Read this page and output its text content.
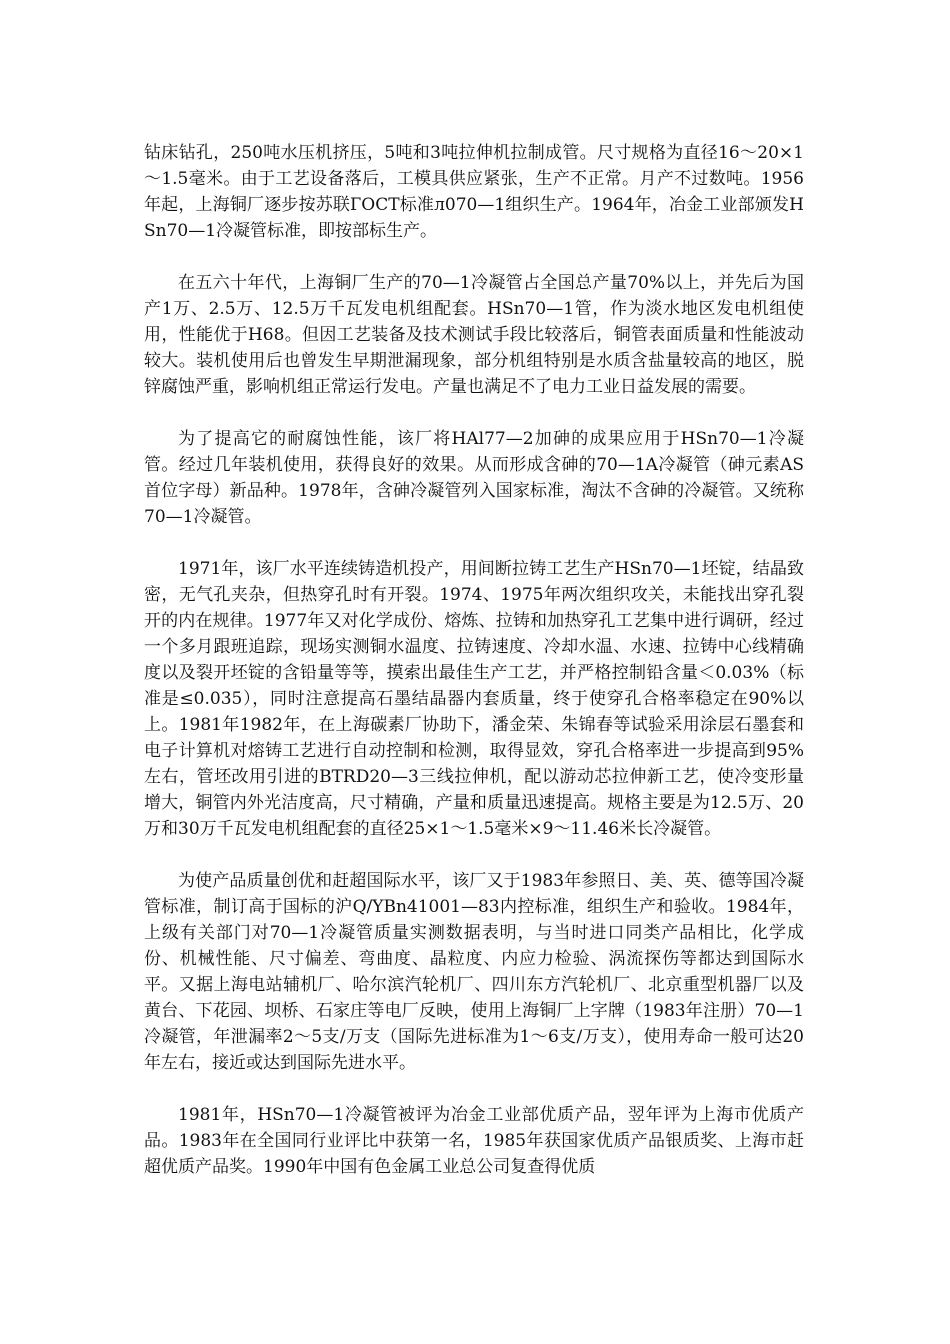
钻床钻孔，250吨水压机挤压，5吨和3吨拉伸机拉制成管。尺寸规格为直径16～20×1～1.5毫米。由于工艺设备落后，工模具供应紧张，生产不正常。月产不过数吨。1956年起，上海铜厂逐步按苏联ГОСТ标准л070—1组织生产。1964年，冶金工业部颁发HSn70—1冷凝管标准，即按部标生产。

在五六十年代，上海铜厂生产的70—1冷凝管占全国总产量70%以上，并先后为国产1万、2.5万、12.5万千瓦发电机组配套。HSn70—1管，作为淡水地区发电机组使用，性能优于H68。但因工艺装备及技术测试手段比较落后，铜管表面质量和性能波动较大。装机使用后也曾发生早期泄漏现象，部分机组特别是水质含盐量较高的地区，脱锌腐蚀严重，影响机组正常运行发电。产量也满足不了电力工业日益发展的需要。

为了提高它的耐腐蚀性能，该厂将HAl77—2加砷的成果应用于HSn70—1冷凝管。经过几年装机使用，获得良好的效果。从而形成含砷的70—1A冷凝管（砷元素AS首位字母）新品种。1978年，含砷冷凝管列入国家标准，淘汰不含砷的冷凝管。又统称70—1冷凝管。

1971年，该厂水平连续铸造机投产，用间断拉铸工艺生产HSn70—1坯锭，结晶致密，无气孔夹杂，但热穿孔时有开裂。1974、1975年两次组织攻关，未能找出穿孔裂开的内在规律。1977年又对化学成份、熔炼、拉铸和加热穿孔工艺集中进行调研，经过一个多月跟班追踪，现场实测铜水温度、拉铸速度、冷却水温、水速、拉铸中心线精确度以及裂开坯锭的含铅量等等，摸索出最佳生产工艺，并严格控制铅含量＜0.03%（标准是≤0.035），同时注意提高石墨结晶器内套质量，终于使穿孔合格率稳定在90%以上。1981年1982年，在上海碳素厂协助下，潘金荣、朱锦春等试验采用涂层石墨套和电子计算机对熔铸工艺进行自动控制和检测，取得显效，穿孔合格率进一步提高到95%左右，管坯改用引进的BTRD20—3三线拉伸机，配以游动芯拉伸新工艺，使冷变形量增大，铜管内外光洁度高，尺寸精确，产量和质量迅速提高。规格主要是为12.5万、20万和30万千瓦发电机组配套的直径25×1～1.5毫米×9～11.46米长冷凝管。

为使产品质量创优和赶超国际水平，该厂又于1983年参照日、美、英、德等国冷凝管标准，制订高于国标的沪Q/YBn41001—83内控标准，组织生产和验收。1984年，上级有关部门对70—1冷凝管质量实测数据表明，与当时进口同类产品相比，化学成份、机械性能、尺寸偏差、弯曲度、晶粒度、内应力检验、涡流探伤等都达到国际水平。又据上海电站辅机厂、哈尔滨汽轮机厂、四川东方汽轮机厂、北京重型机器厂以及黄台、下花园、坝桥、石家庄等电厂反映，使用上海铜厂上字牌（1983年注册）70—1冷凝管，年泄漏率2～5支/万支（国际先进标准为1～6支/万支），使用寿命一般可达20年左右，接近或达到国际先进水平。

1981年，HSn70—1冷凝管被评为冶金工业部优质产品，翌年评为上海市优质产品。1983年在全国同行业评比中获第一名，1985年获国家优质产品银质奖、上海市赶超优质产品奖。1990年中国有色金属工业总公司复查得优质
